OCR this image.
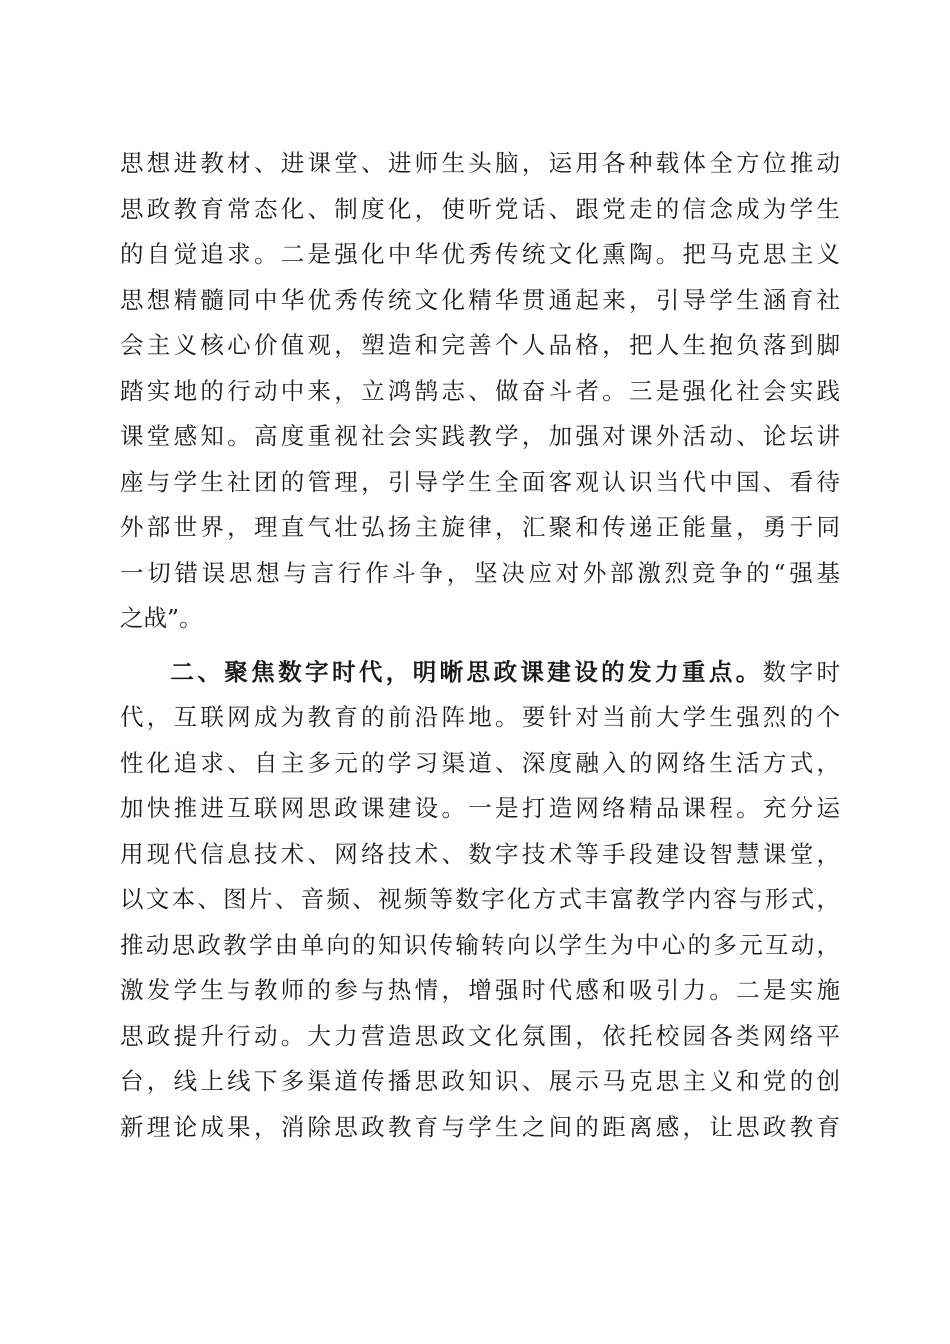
思想进教材、进课堂、进师生头脑，运用各种载体全方位推动
思政教育常态化、制度化，使听党话、跟党走的信念成为学生
的自觉追求。二是强化中华优秀传统文化熏陶。把马克思主义
思想精髓同中华优秀传统文化精华贯通起来，引导学生涵育社
会主义核心价值观，塑造和完善个人品格，把人生抱负落到脚
踏实地的行动中来，立鸿鹄志、做奋斗者。三是强化社会实践
课堂感知。高度重视社会实践教学，加强对课外活动、论坛讲
座与学生社团的管理，引导学生全面客观认识当代中国、看待
外部世界，理直气壮弘扬主旋律，汇聚和传递正能量，勇于同
一切错误思想与言行作斗争，坚决应对外部激烈竞争的“强基
之战”。
二、聚焦数字时代，明晰思政课建设的发力重点。数字时
代，互联网成为教育的前沿阵地。要针对当前大学生强烈的个
性化追求、自主多元的学习渠道、深度融入的网络生活方式，
加快推进互联网思政课建设。一是打造网络精品课程。充分运
用现代信息技术、网络技术、数字技术等手段建设智慧课堂，
以文本、图片、音频、视频等数字化方式丰富教学内容与形式，
推动思政教学由单向的知识传输转向以学生为中心的多元互动，
激发学生与教师的参与热情，增强时代感和吸引力。二是实施
思政提升行动。大力营造思政文化氛围，依托校园各类网络平
台，线上线下多渠道传播思政知识、展示马克思主义和党的创
新理论成果，消除思政教育与学生之间的距离感，让思政教育
